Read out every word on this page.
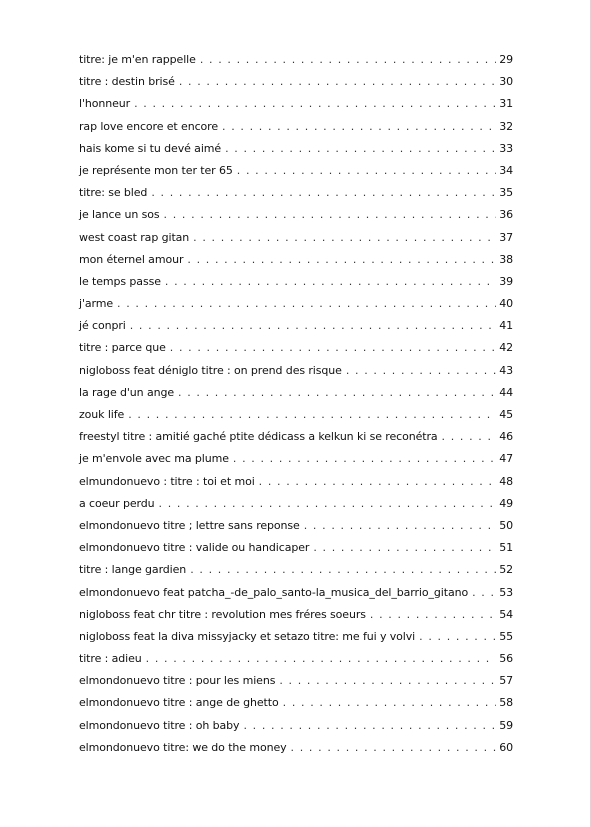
titre: je m'en rappelle . . .	29
titre : destin brisé . . .	30
l'honneur . . .	31
rap love encore et encore . . .	32
hais kome si tu devé aimé . . .	33
je représente mon ter ter 65 . . .	34
titre: se bled . . .	35
je lance un sos . . .	36
west coast rap gitan . . .	37
mon éternel amour . . .	38
le temps passe . . .	39
j'arme . . .	40
jé conpri . . .	41
titre : parce que . . .	42
nigloboss feat déniglo titre : on prend des risque . . .	43
la rage d'un ange . . .	44
zouk life . . .	45
freestyl titre : amitié gaché ptite dédicass a kelkun ki se reconétra . . .	46
je m'envole avec ma plume . . .	47
elmundonuevo : titre : toi et moi . . .	48
a coeur perdu . . .	49
elmondonuevo titre ; lettre sans reponse . . .	50
elmondonuevo titre : valide ou handicaper . . .	51
titre : lange gardien . . .	52
elmondonuevo feat patcha_-de_palo_santo-la_musica_del_barrio_gitano . . .	53
nigloboss feat chr titre : revolution mes fréres soeurs . . .	54
nigloboss feat la diva missyjacky et setazo titre: me fui y volvi . . .	55
titre : adieu . . .	56
elmondonuevo titre : pour les miens . . .	57
elmondonuevo titre : ange de ghetto . . .	58
elmondonuevo titre : oh baby . . .	59
elmondonuevo titre: we do the money . . .	60
